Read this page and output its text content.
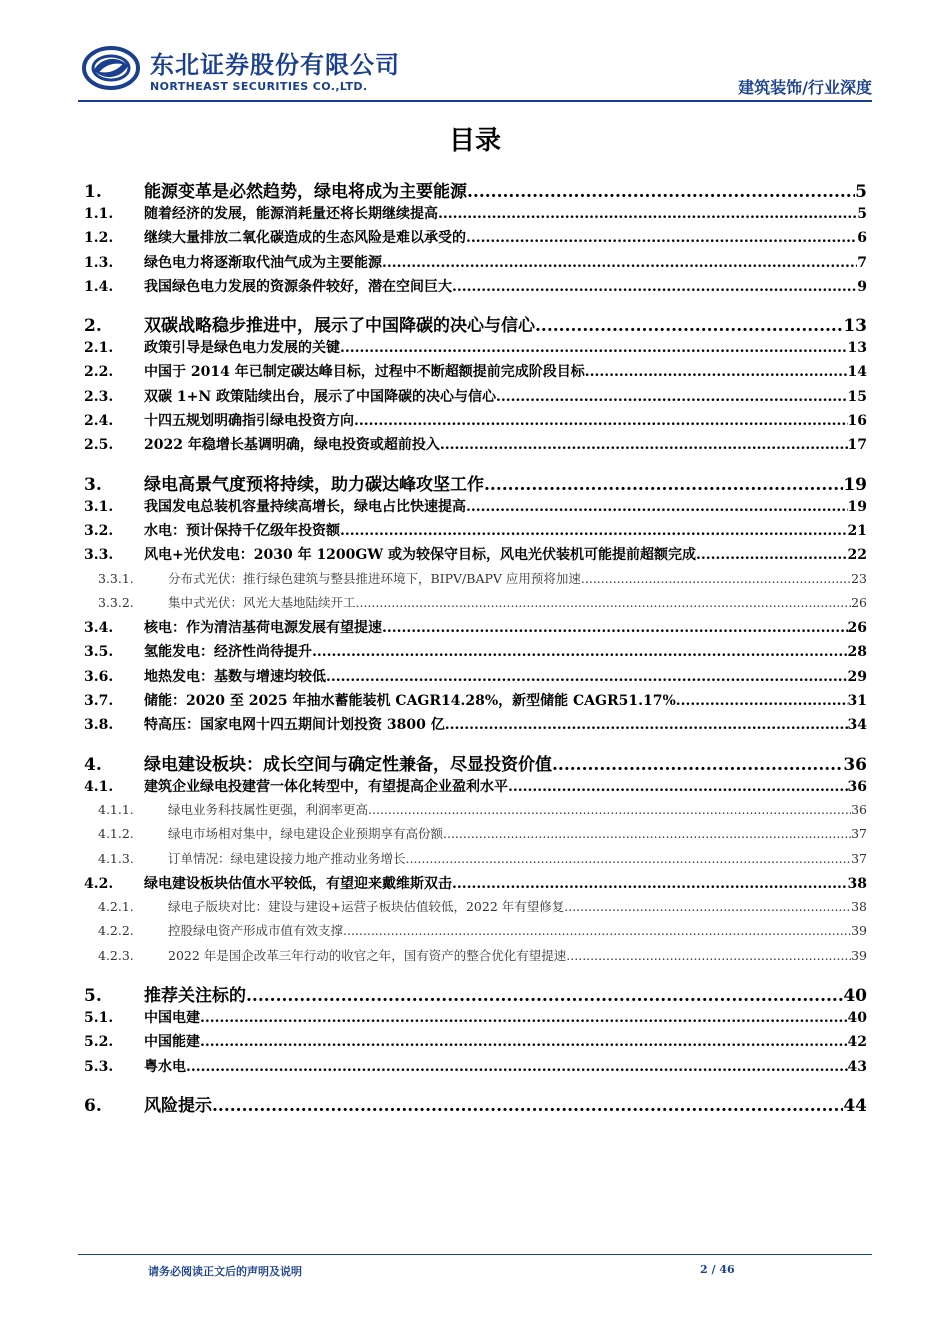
东北证券股份有限公司
NORTHEAST SECURITIES CO.,LTD.	建筑装饰/行业深度
目录
1.	能源变革是必然趋势，绿电将成为主要能源 .....	5
1.1.	随着经济的发展，能源消耗量还将长期继续提高 .....	5
1.2.	继续大量排放二氧化碳造成的生态风险是难以承受的 .....	6
1.3.	绿色电力将逐渐取代油气成为主要能源 .....	7
1.4.	我国绿色电力发展的资源条件较好，潜在空间巨大 .....	9
2.	双碳战略稳步推进中，展示了中国降碳的决心与信心 .....	13
2.1.	政策引导是绿色电力发展的关键 .....	13
2.2.	中国于 2014 年已制定碳达峰目标，过程中不断超额提前完成阶段目标 .....	14
2.3.	双碳 1+N 政策陆续出台，展示了中国降碳的决心与信心 .....	15
2.4.	十四五规划明确指引绿电投资方向 .....	16
2.5.	2022 年稳增长基调明确，绿电投资或超前投入 .....	17
3.	绿电高景气度预将持续，助力碳达峰攻坚工作 .....	19
3.1.	我国发电总装机容量持续高增长，绿电占比快速提高 .....	19
3.2.	水电：预计保持千亿级年投资额 .....	21
3.3.	风电+光伏发电：2030 年 1200GW 或为较保守目标，风电光伏装机可能提前超额完成 .....	22
3.3.1.	分布式光伏：推行绿色建筑与整县推进环境下，BIPV/BAPV 应用预将加速 .....	23
3.3.2.	集中式光伏：风光大基地陆续开工 .....	26
3.4.	核电：作为清洁基荷电源发展有望提速 .....	26
3.5.	氢能发电：经济性尚待提升 .....	28
3.6.	地热发电：基数与增速均较低 .....	29
3.7.	储能：2020 至 2025 年抽水蓄能装机 CAGR14.28%，新型储能 CAGR51.17% .....	31
3.8.	特高压：国家电网十四五期间计划投资 3800 亿 .....	34
4.	绿电建设板块：成长空间与确定性兼备，尽显投资价值 .....	36
4.1.	建筑企业绿电投建营一体化转型中，有望提高企业盈利水平 .....	36
4.1.1.	绿电业务科技属性更强，利润率更高 .....	36
4.1.2.	绿电市场相对集中，绿电建设企业预期享有高份额 .....	37
4.1.3.	订单情况：绿电建设接力地产推动业务增长 .....	37
4.2.	绿电建设板块估值水平较低，有望迎来戴维斯双击 .....	38
4.2.1.	绿电子版块对比：建设与建设+运营子板块估值较低，2022 年有望修复 .....	38
4.2.2.	控股绿电资产形成市值有效支撑 .....	39
4.2.3.	2022 年是国企改革三年行动的收官之年，国有资产的整合优化有望提速 .....	39
5.	推荐关注标的 .....	40
5.1.	中国电建 .....	40
5.2.	中国能建 .....	42
5.3.	粤水电 .....	43
6.	风险提示 .....	44
请务必阅读正文后的声明及说明	2 / 46
